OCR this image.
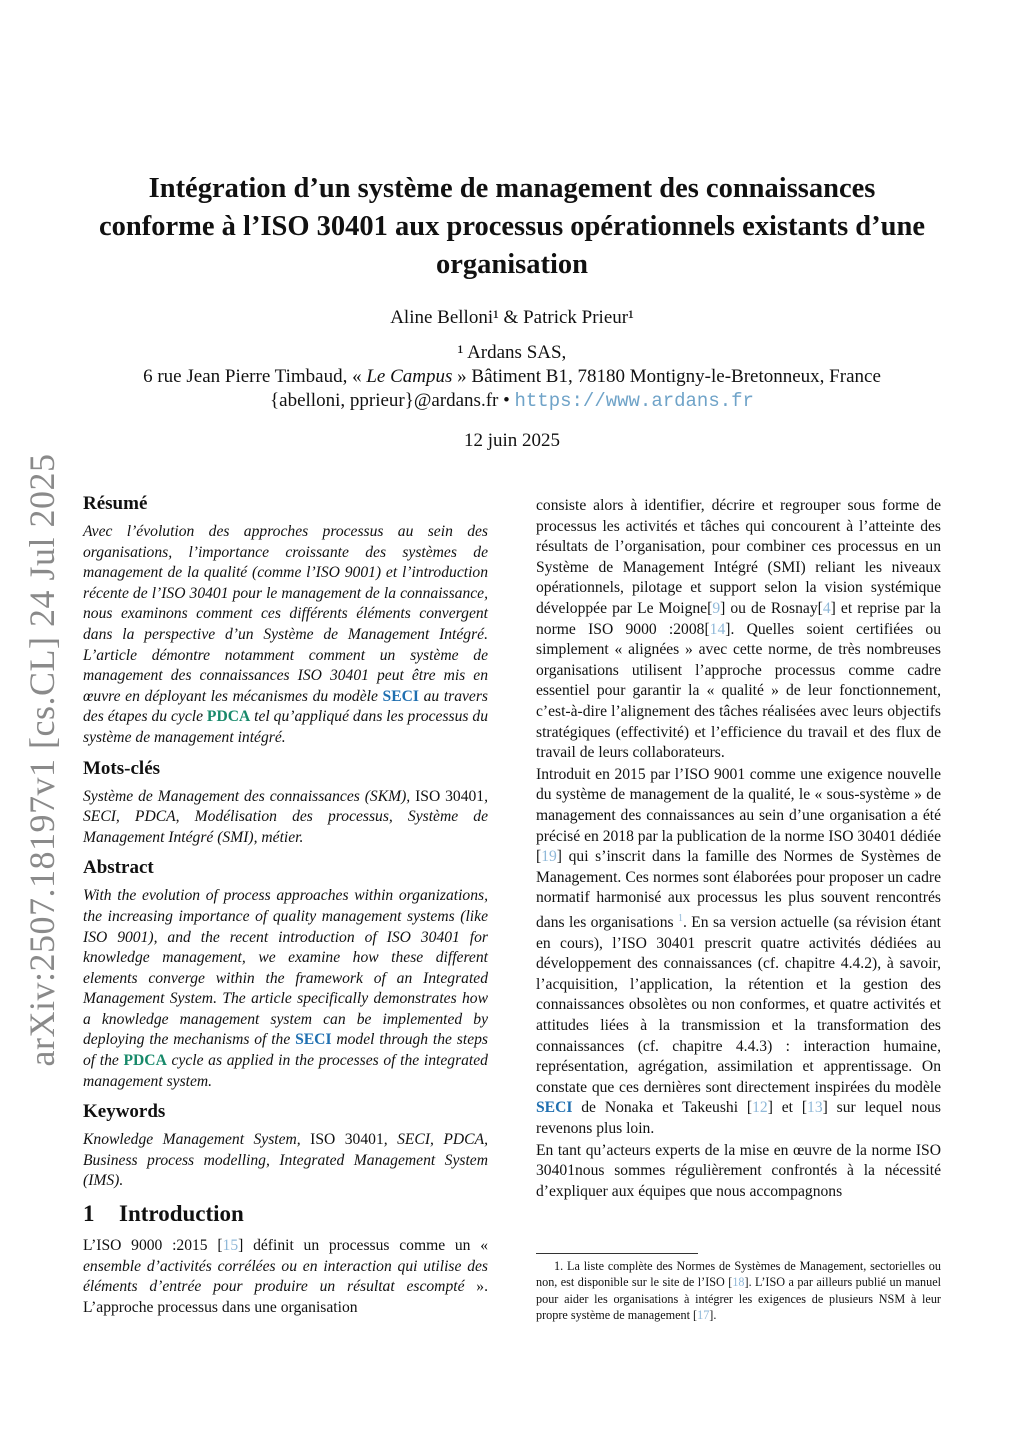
arXiv:2507.18197v1 [cs.CL] 24 Jul 2025
Intégration d’un système de management des connaissances
conforme à l’ISO 30401 aux processus opérationnels existants d’une
organisation
Aline Belloni¹ & Patrick Prieur¹
¹ Ardans SAS,
6 rue Jean Pierre Timbaud, « Le Campus » Bâtiment B1, 78180 Montigny-le-Bretonneux, France
{abelloni, pprieur}@ardans.fr • https://www.ardans.fr
12 juin 2025
Résumé

Avec l’évolution des approches processus au sein des organisations, l’importance croissante des systèmes de management de la qualité (comme l’ISO 9001) et l’introduction récente de l’ISO 30401 pour le management de la connaissance, nous examinons comment ces différents éléments convergent dans la perspective d’un Système de Management Intégré. L’article démontre notamment comment un système de management des connaissances ISO 30401 peut être mis en œuvre en déployant les mécanismes du modèle SECI au travers des étapes du cycle PDCA tel qu’appliqué dans les processus du système de management intégré.

Mots-clés

Système de Management des connaissances (SKM), ISO 30401, SECI, PDCA, Modélisation des processus, Système de Management Intégré (SMI), métier.

Abstract

With the evolution of process approaches within organizations, the increasing importance of quality management systems (like ISO 9001), and the recent introduction of ISO 30401 for knowledge management, we examine how these different elements converge within the framework of an Integrated Management System. The article specifically demonstrates how a knowledge management system can be implemented by deploying the mechanisms of the SECI model through the steps of the PDCA cycle as applied in the processes of the integrated management system.

Keywords

Knowledge Management System, ISO 30401, SECI, PDCA, Business process modelling, Integrated Management System (IMS).

1 Introduction

L’ISO 9000 :2015 [15] définit un processus comme un « ensemble d’activités corrélées ou en interaction qui utilise des éléments d’entrée pour produire un résultat escompté ». L’approche processus dans une organisation

consiste alors à identifier, décrire et regrouper sous forme de processus les activités et tâches qui concourent à l’atteinte des résultats de l’organisation, pour combiner ces processus en un Système de Management Intégré (SMI) reliant les niveaux opérationnels, pilotage et support selon la vision systémique développée par Le Moigne[9] ou de Rosnay[4] et reprise par la norme ISO 9000 :2008[14]. Quelles soient certifiées ou simplement « alignées » avec cette norme, de très nombreuses organisations utilisent l’approche processus comme cadre essentiel pour garantir la « qualité » de leur fonctionnement, c’est-à-dire l’alignement des tâches réalisées avec leurs objectifs stratégiques (effectivité) et l’efficience du travail et des flux de travail de leurs collaborateurs.

Introduit en 2015 par l’ISO 9001 comme une exigence nouvelle du système de management de la qualité, le « sous-système » de management des connaissances au sein d’une organisation a été précisé en 2018 par la publication de la norme ISO 30401 dédiée [19] qui s’inscrit dans la famille des Normes de Systèmes de Management. Ces normes sont élaborées pour proposer un cadre normatif harmonisé aux processus les plus souvent rencontrés dans les organisations $^1$. En sa version actuelle (sa révision étant en cours), l’ISO 30401 prescrit quatre activités dédiées au développement des connaissances (cf. chapitre 4.4.2), à savoir, l’acquisition, l’application, la rétention et la gestion des connaissances obsolètes ou non conformes, et quatre activités et attitudes liées à la transmission et la transformation des connaissances (cf. chapitre 4.4.3) : interaction humaine, représentation, agrégation, assimilation et apprentissage. On constate que ces dernières sont directement inspirées du modèle SECI de Nonaka et Takeushi [12] et [13] sur lequel nous revenons plus loin.

En tant qu’acteurs experts de la mise en œuvre de la norme ISO 30401nous sommes régulièrement confrontés à la nécessité d’expliquer aux équipes que nous accompagnons

1. La liste complète des Normes de Systèmes de Management, sectorielles ou non, est disponible sur le site de l’ISO [18]. L’ISO a par ailleurs publié un manuel pour aider les organisations à intégrer les exigences de plusieurs NSM à leur propre système de management [17].
